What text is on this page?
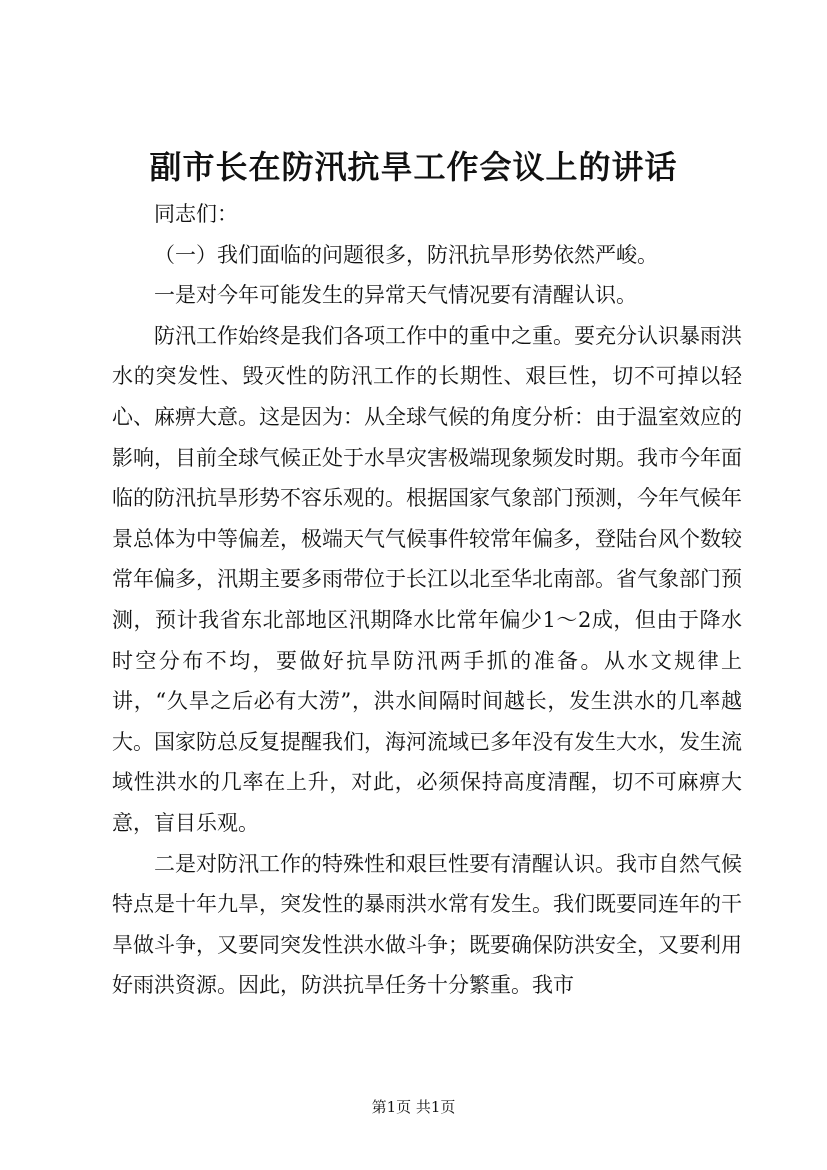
副市长在防汛抗旱工作会议上的讲话

同志们：

（一）我们面临的问题很多，防汛抗旱形势依然严峻。

一是对今年可能发生的异常天气情况要有清醒认识。

防汛工作始终是我们各项工作中的重中之重。要充分认识暴雨洪水的突发性、毁灭性的防汛工作的长期性、艰巨性，切不可掉以轻心、麻痹大意。这是因为：从全球气候的角度分析：由于温室效应的影响，目前全球气候正处于水旱灾害极端现象频发时期。我市今年面临的防汛抗旱形势不容乐观的。根据国家气象部门预测，今年气候年景总体为中等偏差，极端天气气候事件较常年偏多，登陆台风个数较常年偏多，汛期主要多雨带位于长江以北至华北南部。省气象部门预测，预计我省东北部地区汛期降水比常年偏少1～2成，但由于降水时空分布不均，要做好抗旱防汛两手抓的准备。从水文规律上讲，“久旱之后必有大涝”，洪水间隔时间越长，发生洪水的几率越大。国家防总反复提醒我们，海河流域已多年没有发生大水，发生流域性洪水的几率在上升，对此，必须保持高度清醒，切不可麻痹大意，盲目乐观。

二是对防汛工作的特殊性和艰巨性要有清醒认识。我市自然气候特点是十年九旱，突发性的暴雨洪水常有发生。我们既要同连年的干旱做斗争，又要同突发性洪水做斗争；既要确保防洪安全，又要利用好雨洪资源。因此，防洪抗旱任务十分繁重。我市

第1页 共1页
